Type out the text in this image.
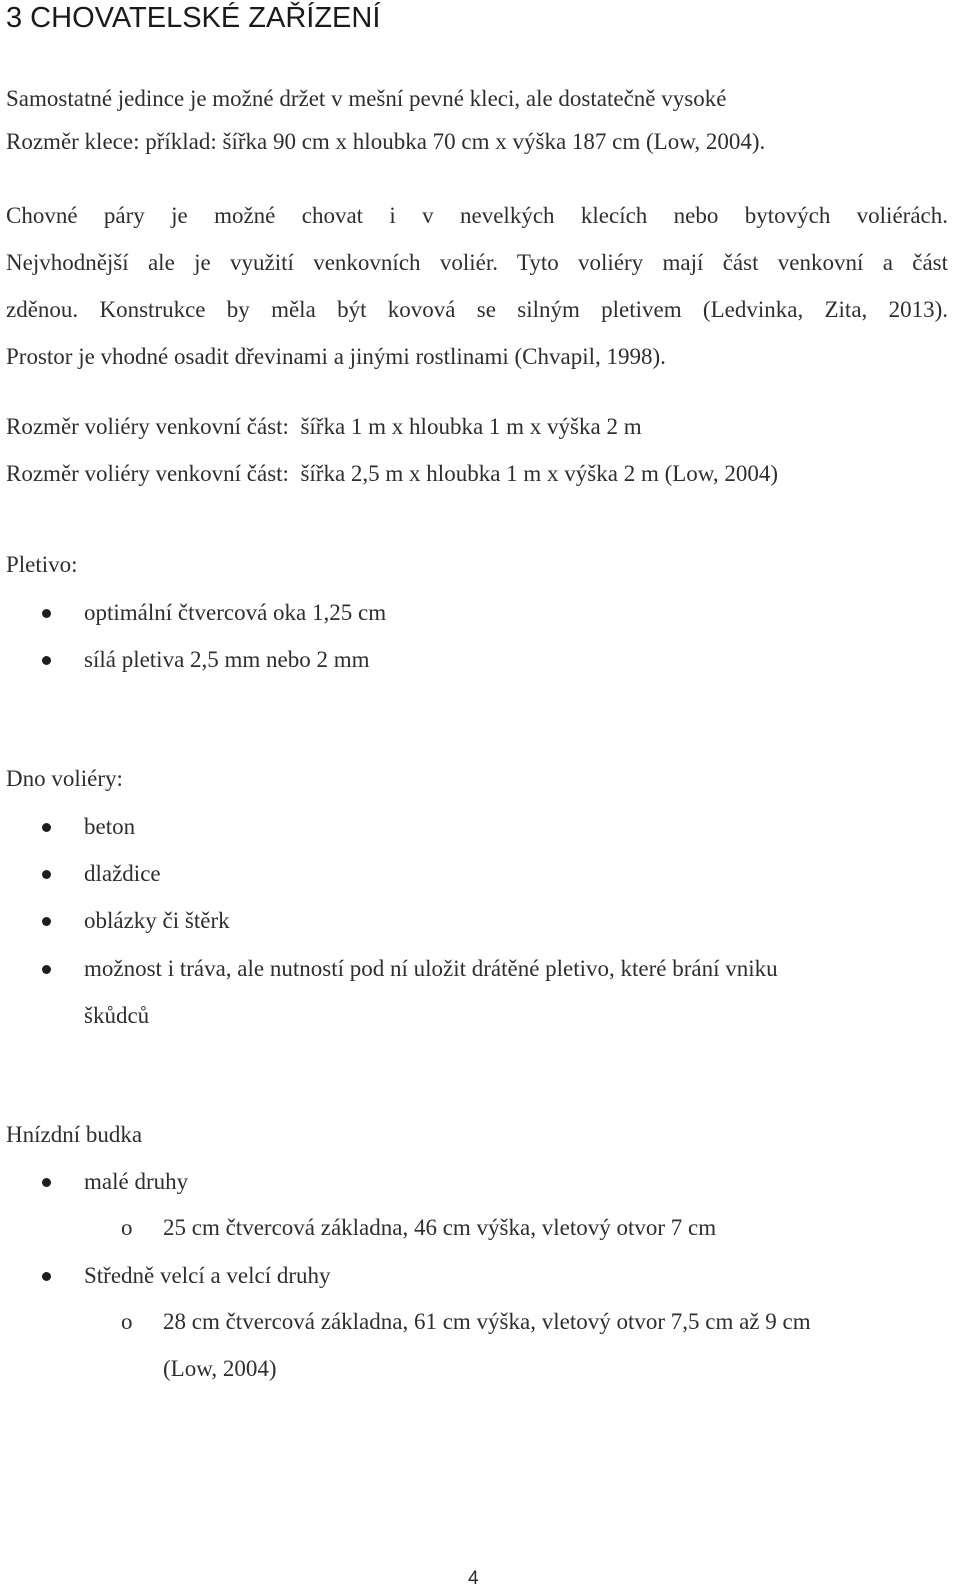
3 CHOVATELSKÉ ZAŘÍZENÍ
Samostatné jedince je možné držet v mešní pevné kleci, ale dostatečně vysoké
Rozměr klece: příklad: šířka 90 cm x hloubka 70 cm x výška 187 cm (Low, 2004).
Chovné páry je možné chovat i v nevelkých klecích nebo bytových voliérách.
Nejvhodnější ale je využití venkovních voliér. Tyto voliéry mají část venkovní a část
zděnou. Konstrukce by měla být kovová se silným pletivem (Ledvinka, Zita, 2013).
Prostor je vhodné osadit dřevinami a jinými rostlinami (Chvapil, 1998).
Rozměr voliéry venkovní část:  šířka 1 m x hloubka 1 m x výška 2 m
Rozměr voliéry venkovní část:  šířka 2,5 m x hloubka 1 m x výška 2 m (Low, 2004)
Pletivo:
optimální čtvercová oka 1,25 cm
sílá pletiva 2,5 mm nebo 2 mm
Dno voliéry:
beton
dlaždice
oblázky či štěrk
možnost i tráva, ale nutností pod ní uložit drátěné pletivo, které brání vniku
škůdců
Hnízdní budka
malé druhy
o 25 cm čtvercová základna, 46 cm výška, vletový otvor 7 cm
Středně velcí a velcí druhy
o 28 cm čtvercová základna, 61 cm výška, vletový otvor 7,5 cm až 9 cm
(Low, 2004)
4
